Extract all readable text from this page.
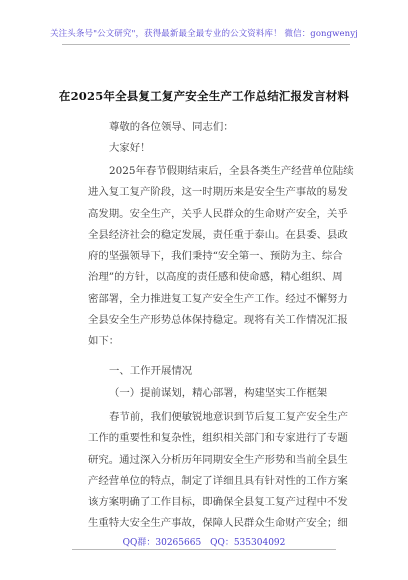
关注头条号"公文研究"，获得最新最全最专业的公文资料库！ 微信：gongwenyj
在2025年全县复工复产安全生产工作总结汇报发言材料
尊敬的各位领导、同志们：
大家好！
2025年春节假期结束后，全县各类生产经营单位陆续
进入复工复产阶段，这一时期历来是安全生产事故的易发
高发期。安全生产，关乎人民群众的生命财产安全，关乎
全县经济社会的稳定发展，责任重于泰山。在县委、县政
府的坚强领导下，我们秉持“安全第一、预防为主、综合
治理”的方针，以高度的责任感和使命感，精心组织、周
密部署，全力推进复工复产安全生产工作。经过不懈努力
全县安全生产形势总体保持稳定。现将有关工作情况汇报
如下：
一、工作开展情况
（一）提前谋划，精心部署，构建坚实工作框架
春节前，我们便敏锐地意识到节后复工复产安全生产
工作的重要性和复杂性，组织相关部门和专家进行了专题
研究。通过深入分析历年同期安全生产形势和当前全县生
产经营单位的特点，制定了详细且具有针对性的工作方案
该方案明确了工作目标，即确保全县复工复产过程中不发
生重特大安全生产事故，保障人民群众生命财产安全；细
QQ群：30265665 QQ：535304092
